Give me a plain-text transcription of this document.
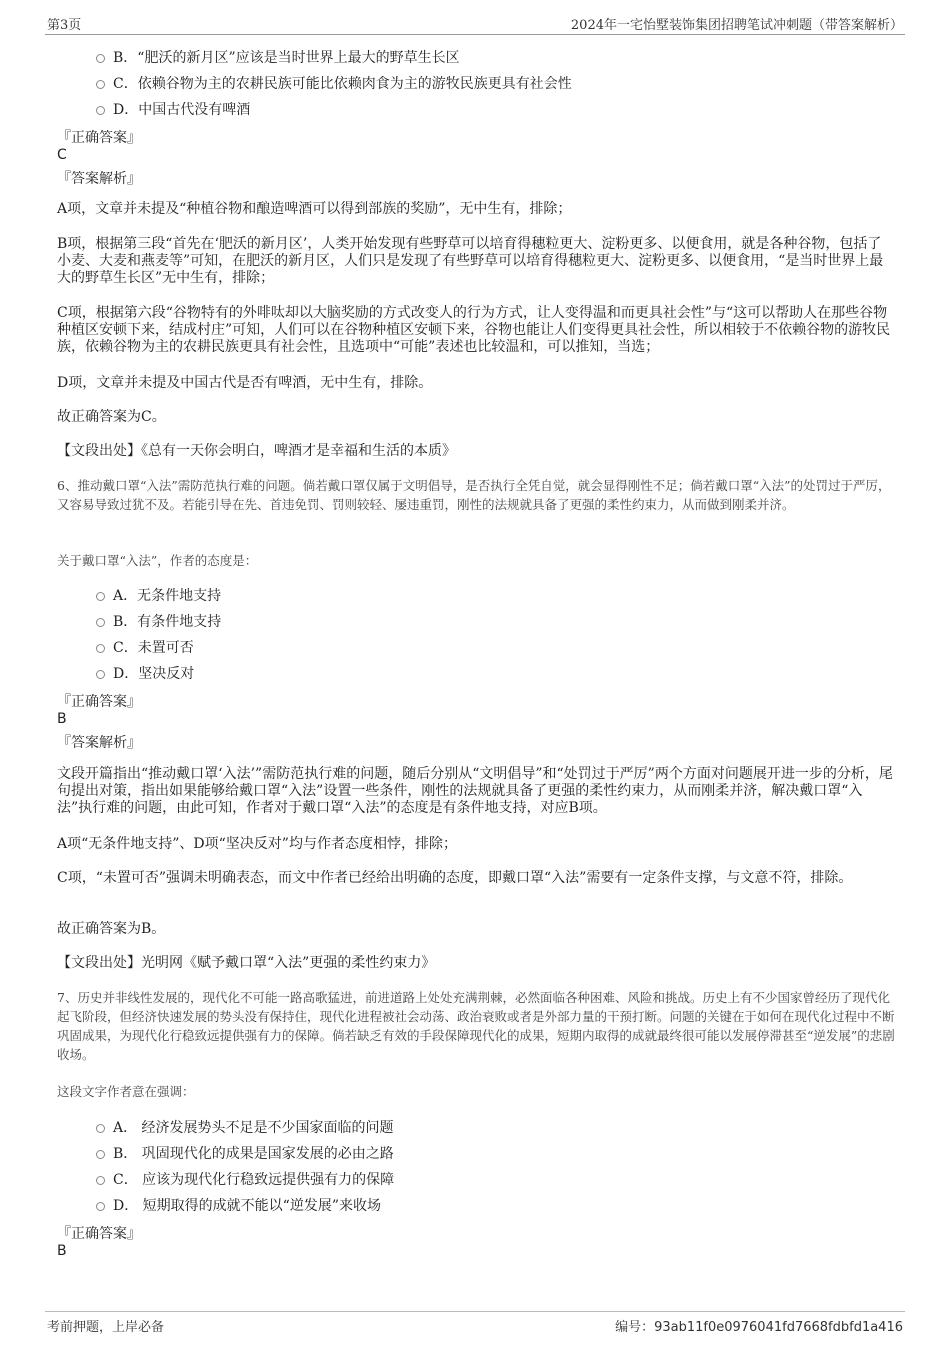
第3页	2024年一宅怡墅装饰集团招聘笔试冲刺题（带答案解析）
B．“肥沃的新月区”应该是当时世界上最大的野草生长区
C．依赖谷物为主的农耕民族可能比依赖肉食为主的游牧民族更具有社会性
D．中国古代没有啤酒
『正确答案』
C
『答案解析』
A项，文章并未提及“种植谷物和酿造啤酒可以得到部族的奖励”，无中生有，排除；
B项，根据第三段“首先在‘肥沃的新月区’，人类开始发现有些野草可以培育得穗粒更大、淀粉更多、以便食用，就是各种谷物，包括了小麦、大麦和燕麦等”可知，在肥沃的新月区，人们只是发现了有些野草可以培育得穗粒更大、淀粉更多、以便食用，“是当时世界上最大的野草生长区”无中生有，排除；
C项，根据第六段“谷物特有的外啡呔却以大脑奖励的方式改变人的行为方式，让人变得温和而更具社会性”与“这可以帮助人在那些谷物种植区安顿下来，结成村庄”可知，人们可以在谷物种植区安顿下来，谷物也能让人们变得更具社会性，所以相较于不依赖谷物的游牧民族，依赖谷物为主的农耕民族更具有社会性，且选项中“可能”表述也比较温和，可以推知，当选；
D项，文章并未提及中国古代是否有啤酒，无中生有，排除。
故正确答案为C。
【文段出处】《总有一天你会明白，啤酒才是幸福和生活的本质》
6、推动戴口罩“入法”需防范执行难的问题。倘若戴口罩仅属于文明倡导，是否执行全凭自觉，就会显得刚性不足；倘若戴口罩“入法”的处罚过于严厉，又容易导致过犹不及。若能引导在先、首违免罚、罚则较轻、屡违重罚，刚性的法规就具备了更强的柔性约束力，从而做到刚柔并济。
关于戴口罩“入法”，作者的态度是：
A．无条件地支持
B．有条件地支持
C．未置可否
D．坚决反对
『正确答案』
B
『答案解析』
文段开篇指出“推动戴口罩‘入法’”需防范执行难的问题，随后分别从“文明倡导”和“处罚过于严厉”两个方面对问题展开进一步的分析，尾句提出对策，指出如果能够给戴口罩“入法”设置一些条件，刚性的法规就具备了更强的柔性约束力，从而刚柔并济，解决戴口罩“入法”执行难的问题，由此可知，作者对于戴口罩“入法”的态度是有条件地支持，对应B项。
A项“无条件地支持”、D项“坚决反对”均与作者态度相悖，排除；
C项，“未置可否”强调未明确表态，而文中作者已经给出明确的态度，即戴口罩“入法”需要有一定条件支撑，与文意不符，排除。
故正确答案为B。
【文段出处】光明网《赋予戴口罩“入法”更强的柔性约束力》
7、历史并非线性发展的，现代化不可能一路高歌猛进，前进道路上处处充满荆棘，必然面临各种困难、风险和挑战。历史上有不少国家曾经历了现代化起飞阶段，但经济快速发展的势头没有保持住，现代化进程被社会动荡、政治衰败或者是外部力量的干预打断。问题的关键在于如何在现代化过程中不断巩固成果，为现代化行稳致远提供强有力的保障。倘若缺乏有效的手段保障现代化的成果，短期内取得的成就最终很可能以发展停滞甚至“逆发展”的悲剧收场。
这段文字作者意在强调：
A． 经济发展势头不足是不少国家面临的问题
B． 巩固现代化的成果是国家发展的必由之路
C． 应该为现代化行稳致远提供强有力的保障
D． 短期取得的成就不能以“逆发展”来收场
『正确答案』
B
考前押题，上岸必备	编号：93ab11f0e0976041fd7668fdbfd1a416
